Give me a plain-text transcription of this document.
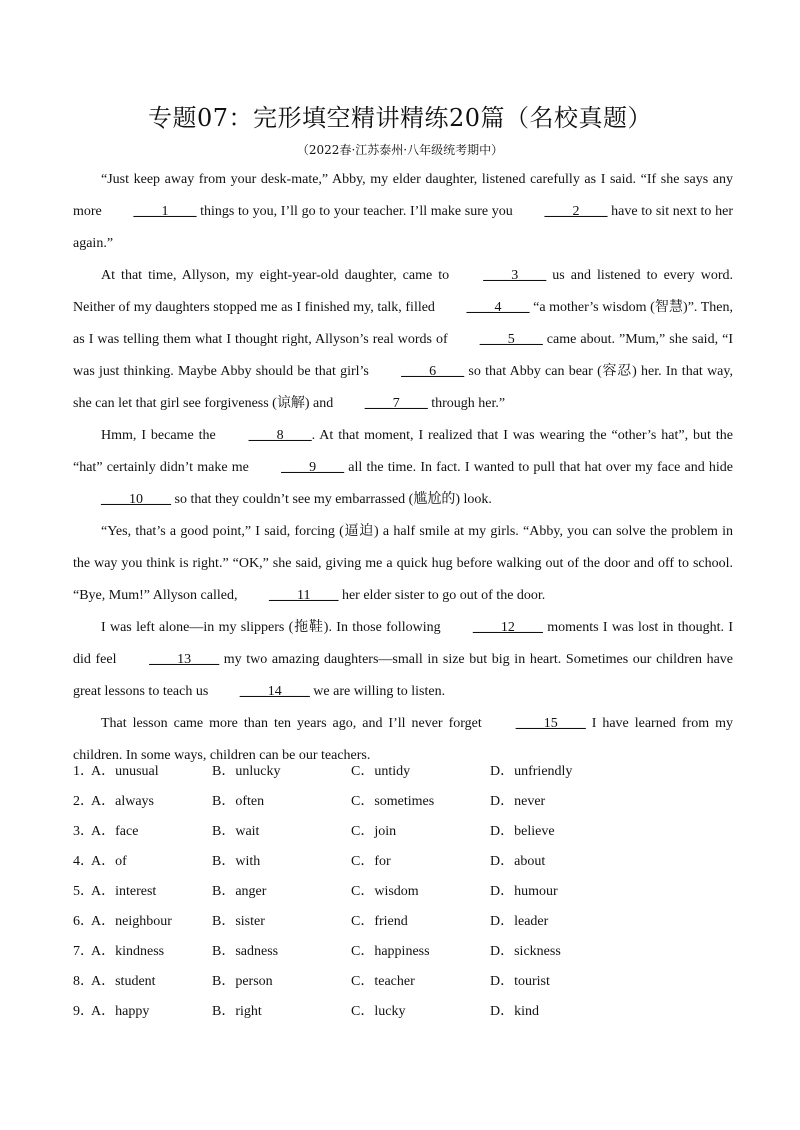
专题07：完形填空精讲精练20篇（名校真题）
（2022春·江苏泰州·八年级统考期中）

“Just keep away from your desk-mate,” Abby, my elder daughter, listened carefully as I said. “If she says any more ____1____ things to you, I’ll go to your teacher. I’ll make sure you ____2____ have to sit next to her again.”

At that time, Allyson, my eight-year-old daughter, came to ____3____ us and listened to every word. Neither of my daughters stopped me as I finished my, talk, filled ____4____ “a mother’s wisdom (智慧)”. Then, as I was telling them what I thought right, Allyson’s real words of ____5____ came about. ”Mum,” she said, “I was just thinking. Maybe Abby should be that girl’s ____6____ so that Abby can bear (容忍) her. In that way, she can let that girl see forgiveness (谅解) and ____7____ through her.”

Hmm, I became the ____8____. At that moment, I realized that I was wearing the “other’s hat”, but the “hat” certainly didn’t make me ____9____ all the time. In fact. I wanted to pull that hat over my face and hide ____10____ so that they couldn’t see my embarrassed (尴尬的) look.

“Yes, that’s a good point,” I said, forcing (逼迫) a half smile at my girls. “Abby, you can solve the problem in the way you think is right.” “OK,” she said, giving me a quick hug before walking out of the door and off to school. “Bye, Mum!” Allyson called, ____11____ her elder sister to go out of the door.

I was left alone—in my slippers (拖鞋). In those following ____12____ moments I was lost in thought. I did feel ____13____ my two amazing daughters—small in size but big in heart. Sometimes our children have great lessons to teach us ____14____ we are willing to listen.

That lesson came more than ten years ago, and I’ll never forget ____15____ I have learned from my children. In some ways, children can be our teachers.

1．
A．unusual	B．unlucky	C．untidy	D．unfriendly
2．
A．always	B．often	C．sometimes	D．never
3．
A．face	B．wait	C．join	D．believe
4．
A．of	B．with	C．for	D．about
5．
A．interest	B．anger	C．wisdom	D．humour
6．
A．neighbour	B．sister	C．friend	D．leader
7．
A．kindness	B．sadness	C．happiness	D．sickness
8．
A．student	B．person	C．teacher	D．tourist
9．
A．happy	B．right	C．lucky	D．kind
